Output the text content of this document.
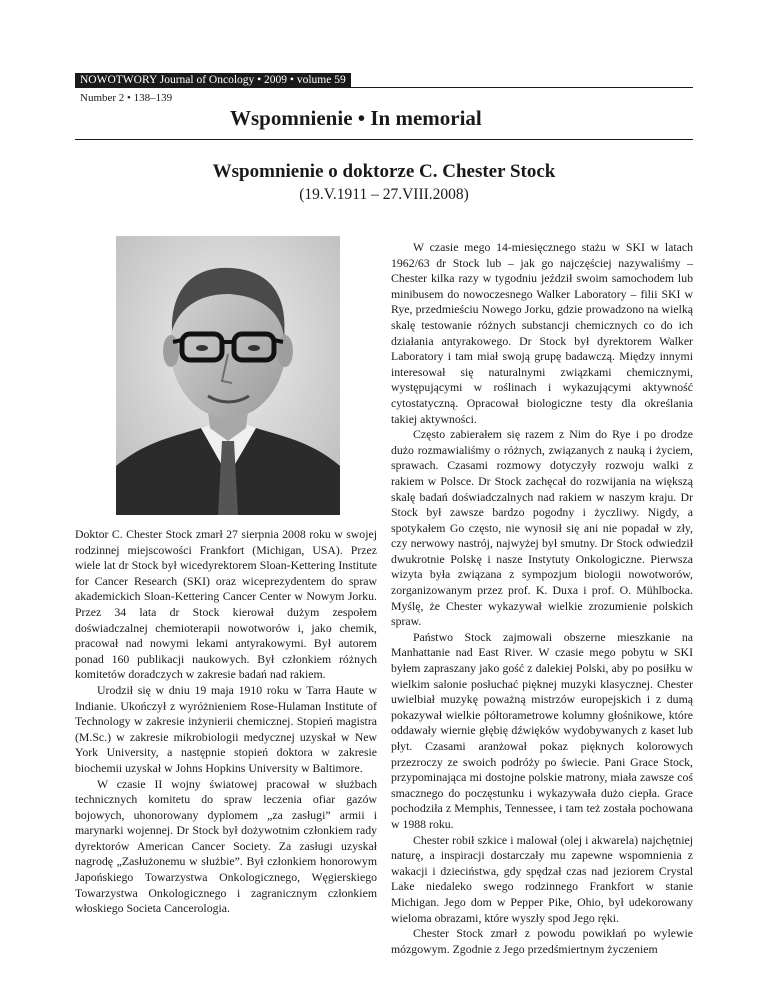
NOWOTWORY Journal of Oncology • 2009 • volume 59
Number 2 • 138–139
Wspomnienie • In memorial
Wspomnienie o doktorze C. Chester Stock
(19.V.1911 – 27.VIII.2008)

Doktor C. Chester Stock zmarł 27 sierpnia 2008 roku w swojej rodzinnej miejscowości Frankfort (Michigan, USA). Przez wiele lat dr Stock był wicedyrektorem Sloan-Kettering Institute for Cancer Research (SKI) oraz wiceprezydentem do spraw akademickich Sloan-Kettering Cancer Center w Nowym Jorku. Przez 34 lata dr Stock kierował dużym zespołem doświadczalnej chemioterapii nowotworów i, jako chemik, pracował nad nowymi lekami antyrakowymi. Był autorem ponad 160 publikacji naukowych. Był członkiem różnych komitetów doradczych w zakresie badań nad rakiem.

Urodził się w dniu 19 maja 1910 roku w Tarra Haute w Indianie. Ukończył z wyróżnieniem Rose-Hulaman Institute of Technology w zakresie inżynierii chemicznej. Stopień magistra (M.Sc.) w zakresie mikrobiologii medycznej uzyskał w New York University, a następnie stopień doktora w zakresie biochemii uzyskał w Johns Hopkins University w Baltimore.

W czasie II wojny światowej pracował w służbach technicznych komitetu do spraw leczenia ofiar gazów bojowych, uhonorowany dyplomem „za zasługi” armii i marynarki wojennej. Dr Stock był dożywotnim członkiem rady dyrektorów American Cancer Society. Za zasługi uzyskał nagrodę „Zasłużonemu w służbie”. Był członkiem honorowym Japońskiego Towarzystwa Onkologicznego, Węgierskiego Towarzystwa Onkologicznego i zagranicznym członkiem włoskiego Societa Cancerologia.

W czasie mego 14-miesięcznego stażu w SKI w latach 1962/63 dr Stock lub – jak go najczęściej nazywaliśmy – Chester kilka razy w tygodniu jeździł swoim samochodem lub minibusem do nowoczesnego Walker Laboratory – filii SKI w Rye, przedmieściu Nowego Jorku, gdzie prowadzono na wielką skalę testowanie różnych substancji chemicznych co do ich działania antyrakowego. Dr Stock był dyrektorem Walker Laboratory i tam miał swoją grupę badawczą. Między innymi interesował się naturalnymi związkami chemicznymi, występującymi w roślinach i wykazującymi aktywność cytostatyczną. Opracował biologiczne testy dla określania takiej aktywności.

Często zabierałem się razem z Nim do Rye i po drodze dużo rozmawialiśmy o różnych, związanych z nauką i życiem, sprawach. Czasami rozmowy dotyczyły rozwoju walki z rakiem w Polsce. Dr Stock zachęcał do rozwijania na większą skalę badań doświadczalnych nad rakiem w naszym kraju. Dr Stock był zawsze bardzo pogodny i życzliwy. Nigdy, a spotykałem Go często, nie wynosił się ani nie popadał w zły, czy nerwowy nastrój, najwyżej był smutny. Dr Stock odwiedził dwukrotnie Polskę i nasze Instytuty Onkologiczne. Pierwsza wizyta była związana z sympozjum biologii nowotworów, zorganizowanym przez prof. K. Duxa i prof. O. Mühlbocka. Myślę, że Chester wykazywał wielkie zrozumienie polskich spraw.

Państwo Stock zajmowali obszerne mieszkanie na Manhattanie nad East River. W czasie mego pobytu w SKI byłem zapraszany jako gość z dalekiej Polski, aby po posiłku w wielkim salonie posłuchać pięknej muzyki klasycznej. Chester uwielbiał muzykę poważną mistrzów europejskich i z dumą pokazywał wielkie półtorametrowe kolumny głośnikowe, które oddawały wiernie głębię dźwięków wydobywanych z kaset lub płyt. Czasami aranżował pokaz pięknych kolorowych przezroczy ze swoich podróży po świecie. Pani Grace Stock, przypominająca mi dostojne polskie matrony, miała zawsze coś smacznego do poczęstunku i wykazywała dużo ciepła. Grace pochodziła z Memphis, Tennessee, i tam też została pochowana w 1988 roku.

Chester robił szkice i malował (olej i akwarela) najchętniej naturę, a inspiracji dostarczały mu zapewne wspomnienia z wakacji i dzieciństwa, gdy spędzał czas nad jeziorem Crystal Lake niedaleko swego rodzinnego Frankfort w stanie Michigan. Jego dom w Pepper Pike, Ohio, był udekorowany wieloma obrazami, które wyszły spod Jego ręki.

Chester Stock zmarł z powodu powikłań po wylewie mózgowym. Zgodnie z Jego przedśmiertnym życzeniem
